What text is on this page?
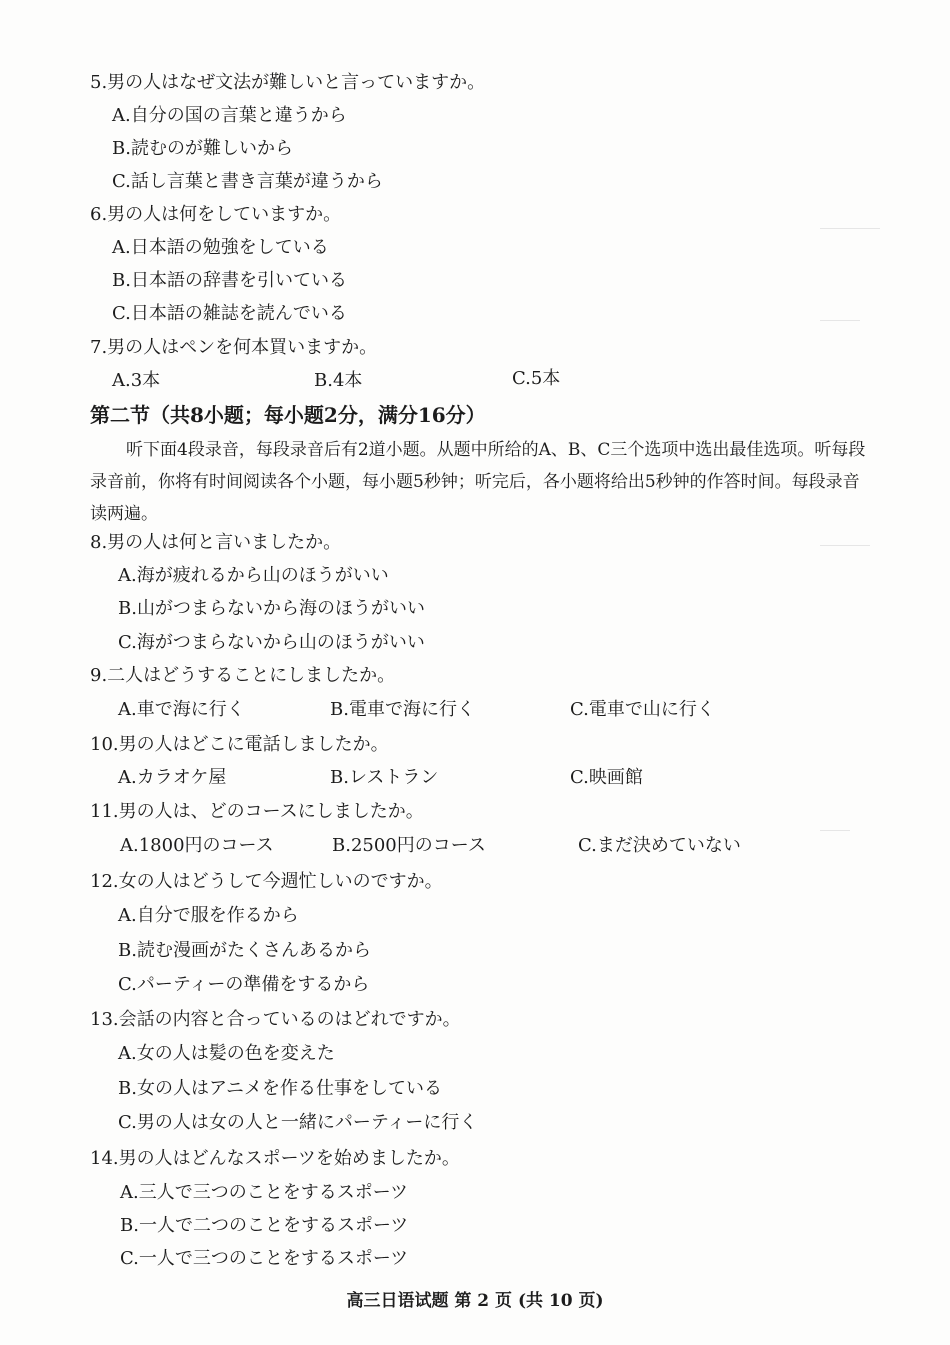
5.男の人はなぜ文法が難しいと言っていますか。
A.自分の国の言葉と違うから
B.読むのが難しいから
C.話し言葉と書き言葉が違うから
6.男の人は何をしていますか。
A.日本語の勉強をしている
B.日本語の辞書を引いている
C.日本語の雑誌を読んでいる
7.男の人はペンを何本買いますか。
A.3本	B.4本	C.5本
第二节（共8小题；每小题2分，满分16分）
听下面4段录音，每段录音后有2道小题。从题中所给的A、B、C三个选项中选出最佳选项。听每段录音前，你将有时间阅读各个小题，每小题5秒钟；听完后，各小题将给出5秒钟的作答时间。每段录音读两遍。
8.男の人は何と言いましたか。
A.海が疲れるから山のほうがいい
B.山がつまらないから海のほうがいい
C.海がつまらないから山のほうがいい
9.二人はどうすることにしましたか。
A.車で海に行く	B.電車で海に行く	C.電車で山に行く
10.男の人はどこに電話しましたか。
A.カラオケ屋	B.レストラン	C.映画館
11.男の人は、どのコースにしましたか。
A.1800円のコース	B.2500円のコース	C.まだ決めていない
12.女の人はどうして今週忙しいのですか。
A.自分で服を作るから
B.読む漫画がたくさんあるから
C.パーティーの準備をするから
13.会話の内容と合っているのはどれですか。
A.女の人は髪の色を変えた
B.女の人はアニメを作る仕事をしている
C.男の人は女の人と一緒にパーティーに行く
14.男の人はどんなスポーツを始めましたか。
A.三人で三つのことをするスポーツ
B.一人で二つのことをするスポーツ
C.一人で三つのことをするスポーツ
高三日语试题 第 2 页 (共 10 页)
